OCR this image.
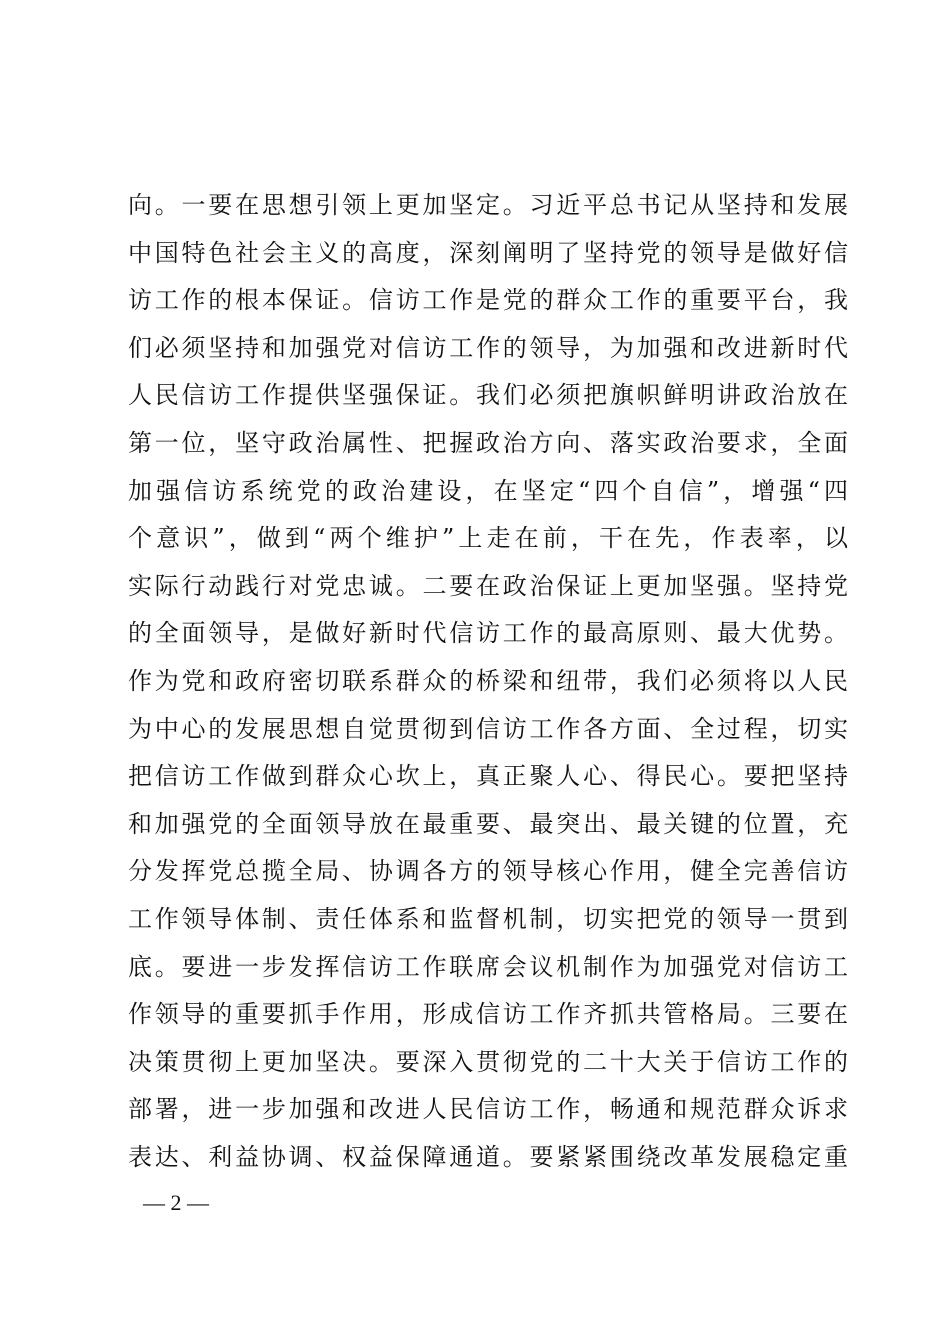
向。一要在思想引领上更加坚定。习近平总书记从坚持和发展
中国特色社会主义的高度，深刻阐明了坚持党的领导是做好信
访工作的根本保证。信访工作是党的群众工作的重要平台，我
们必须坚持和加强党对信访工作的领导，为加强和改进新时代
人民信访工作提供坚强保证。我们必须把旗帜鲜明讲政治放在
第一位，坚守政治属性、把握政治方向、落实政治要求，全面
加强信访系统党的政治建设，在坚定“四个自信”，增强“四
个意识”，做到“两个维护”上走在前，干在先，作表率，以
实际行动践行对党忠诚。二要在政治保证上更加坚强。坚持党
的全面领导，是做好新时代信访工作的最高原则、最大优势。
作为党和政府密切联系群众的桥梁和纽带，我们必须将以人民
为中心的发展思想自觉贯彻到信访工作各方面、全过程，切实
把信访工作做到群众心坎上，真正聚人心、得民心。要把坚持
和加强党的全面领导放在最重要、最突出、最关键的位置，充
分发挥党总揽全局、协调各方的领导核心作用，健全完善信访
工作领导体制、责任体系和监督机制，切实把党的领导一贯到
底。要进一步发挥信访工作联席会议机制作为加强党对信访工
作领导的重要抓手作用，形成信访工作齐抓共管格局。三要在
决策贯彻上更加坚决。要深入贯彻党的二十大关于信访工作的
部署，进一步加强和改进人民信访工作，畅通和规范群众诉求
表达、利益协调、权益保障通道。要紧紧围绕改革发展稳定重
— 2 —
